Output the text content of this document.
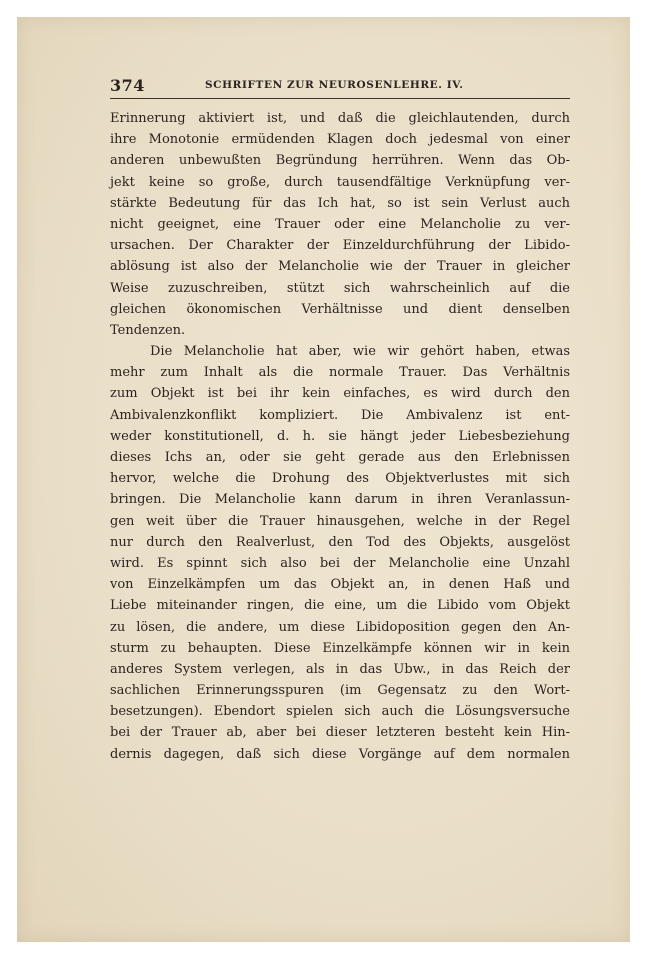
374	SCHRIFTEN ZUR NEUROSENLEHRE. IV.
Erinnerung aktiviert ist, und daß die gleichlautenden, durch
ihre Monotonie ermüdenden Klagen doch jedesmal von einer
anderen unbewußten Begründung herrühren. Wenn das Ob-
jekt keine so große, durch tausendfältige Verknüpfung ver-
stärkte Bedeutung für das Ich hat, so ist sein Verlust auch
nicht geeignet, eine Trauer oder eine Melancholie zu ver-
ursachen. Der Charakter der Einzeldurchführung der Libido-
ablösung ist also der Melancholie wie der Trauer in gleicher
Weise zuzuschreiben, stützt sich wahrscheinlich auf die
gleichen ökonomischen Verhältnisse und dient denselben
Tendenzen.
Die Melancholie hat aber, wie wir gehört haben, etwas
mehr zum Inhalt als die normale Trauer. Das Verhältnis
zum Objekt ist bei ihr kein einfaches, es wird durch den
Ambivalenzkonflikt kompliziert. Die Ambivalenz ist ent-
weder konstitutionell, d. h. sie hängt jeder Liebesbeziehung
dieses Ichs an, oder sie geht gerade aus den Erlebnissen
hervor, welche die Drohung des Objektverlustes mit sich
bringen. Die Melancholie kann darum in ihren Veranlassun-
gen weit über die Trauer hinausgehen, welche in der Regel
nur durch den Realverlust, den Tod des Objekts, ausgelöst
wird. Es spinnt sich also bei der Melancholie eine Unzahl
von Einzelkämpfen um das Objekt an, in denen Haß und
Liebe miteinander ringen, die eine, um die Libido vom Objekt
zu lösen, die andere, um diese Libidoposition gegen den An-
sturm zu behaupten. Diese Einzelkämpfe können wir in kein
anderes System verlegen, als in das Ubw., in das Reich der
sachlichen Erinnerungsspuren (im Gegensatz zu den Wort-
besetzungen). Ebendort spielen sich auch die Lösungsversuche
bei der Trauer ab, aber bei dieser letzteren besteht kein Hin-
dernis dagegen, daß sich diese Vorgänge auf dem normalen
